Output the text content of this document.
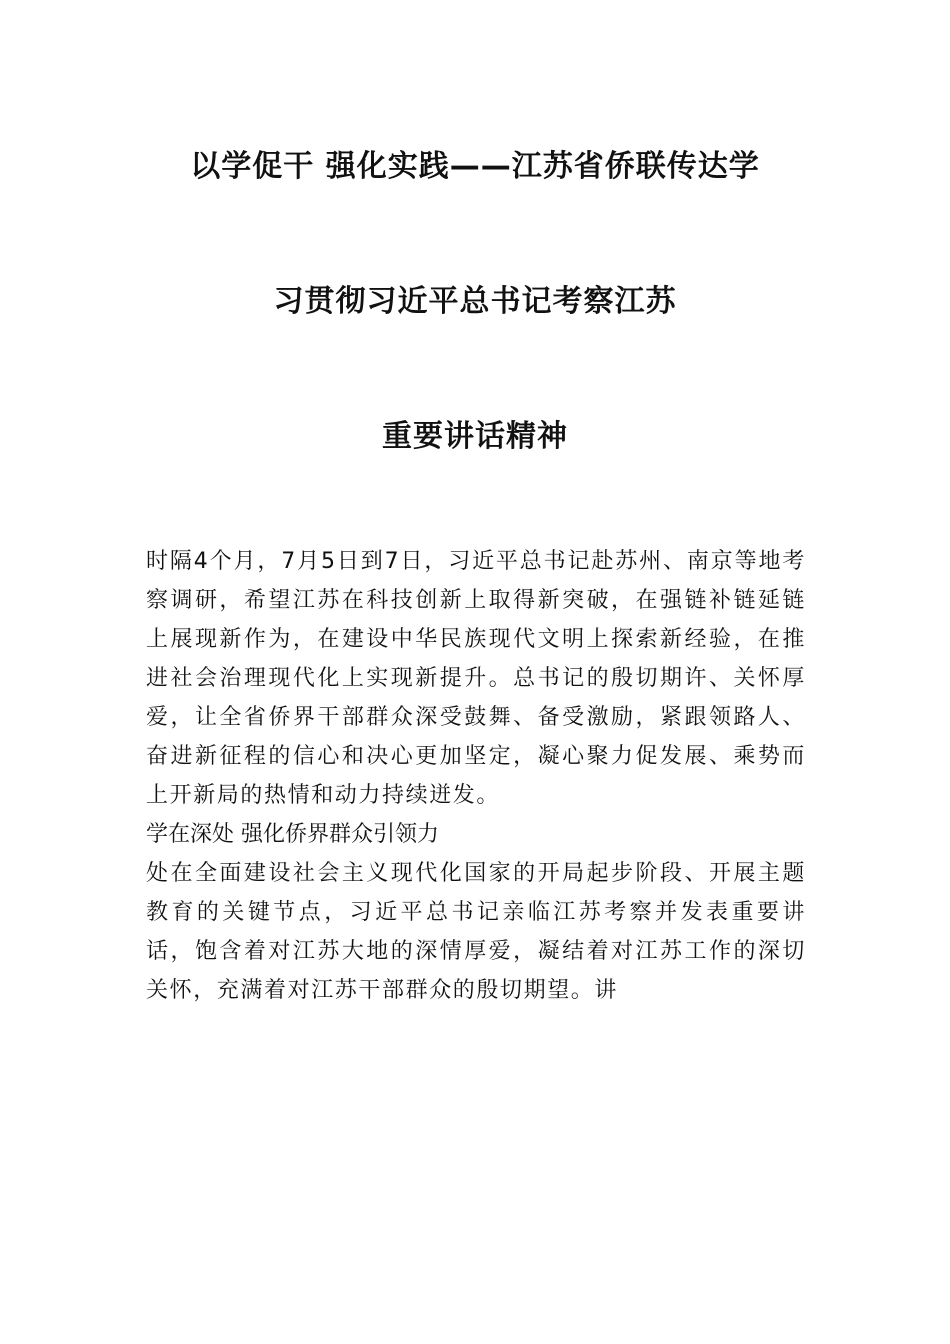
以学促干 强化实践——江苏省侨联传达学
习贯彻习近平总书记考察江苏
重要讲话精神

时隔4个月，7月5日到7日，习近平总书记赴苏州、南京等地考察调研，希望江苏在科技创新上取得新突破，在强链补链延链上展现新作为，在建设中华民族现代文明上探索新经验，在推进社会治理现代化上实现新提升。总书记的殷切期许、关怀厚爱，让全省侨界干部群众深受鼓舞、备受激励，紧跟领路人、奋进新征程的信心和决心更加坚定，凝心聚力促发展、乘势而上开新局的热情和动力持续迸发。

学在深处 强化侨界群众引领力

处在全面建设社会主义现代化国家的开局起步阶段、开展主题教育的关键节点，习近平总书记亲临江苏考察并发表重要讲话，饱含着对江苏大地的深情厚爱，凝结着对江苏工作的深切关怀，充满着对江苏干部群众的殷切期望。讲
